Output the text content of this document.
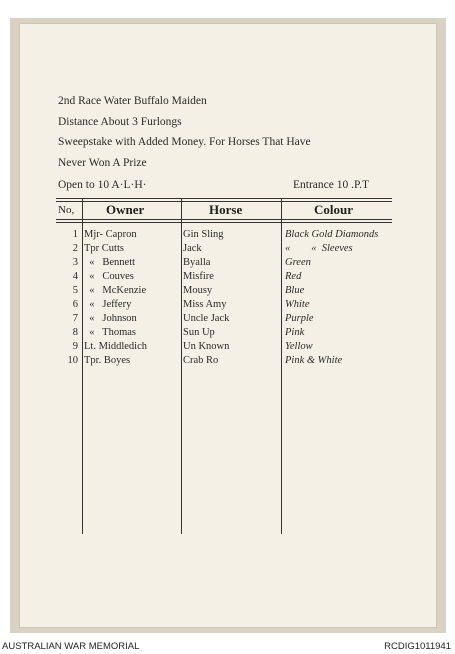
2nd Race Water Buffalo Maiden
Distance About 3 Furlongs
Sweepstake with Added Money. For Horses That Have
Never Won A Prize
Open to 10 A·L·H·	Entrance 10 .P.T
No, Owner	Horse	Colour
1 Mjr- Capron	Gin Sling	Black Gold Diamonds
2 Tpr Cutts	Jack	«        «  Sleeves
3 «   Bennett	Byalla	Green
4 «   Couves	Misfire	Red
5 «   McKenzie	Mousy	Blue
6 «   Jeffery	Miss Amy	White
7 «   Johnson	Uncle Jack	Purple
8 «   Thomas	Sun Up	Pink
9 Lt. Middledich	Un Known	Yellow
10 Tpr. Boyes	Crab Ro	Pink & White
AUSTRALIAN WAR MEMORIAL	RCDIG1011941
